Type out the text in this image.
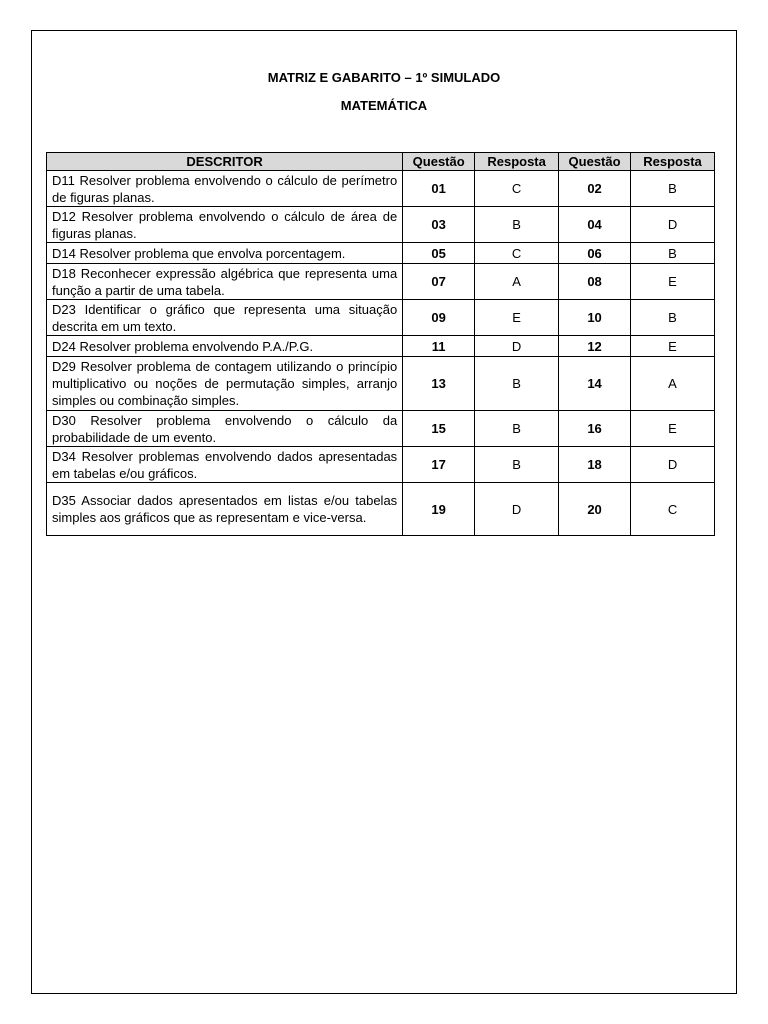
MATRIZ E GABARITO – 1º SIMULADO
MATEMÁTICA
DESCRITOR	Questão	Resposta	Questão	Resposta
D11 Resolver problema envolvendo o cálculo de perímetro de figuras planas.	01	C	02	B
D12 Resolver problema envolvendo o cálculo de área de figuras planas.	03	B	04	D
D14 Resolver problema que envolva porcentagem.	05	C	06	B
D18 Reconhecer expressão algébrica que representa uma função a partir de uma tabela.	07	A	08	E
D23 Identificar o gráfico que representa uma situação descrita em um texto.	09	E	10	B
D24 Resolver problema envolvendo P.A./P.G.	11	D	12	E
D29 Resolver problema de contagem utilizando o princípio multiplicativo ou noções de permutação simples, arranjo simples ou combinação simples.	13	B	14	A
D30 Resolver problema envolvendo o cálculo da probabilidade de um evento.	15	B	16	E
D34 Resolver problemas envolvendo dados apresentadas em tabelas e/ou gráficos.	17	B	18	D
D35 Associar dados apresentados em listas e/ou tabelas simples aos gráficos que as representam e vice-versa.	19	D	20	C
